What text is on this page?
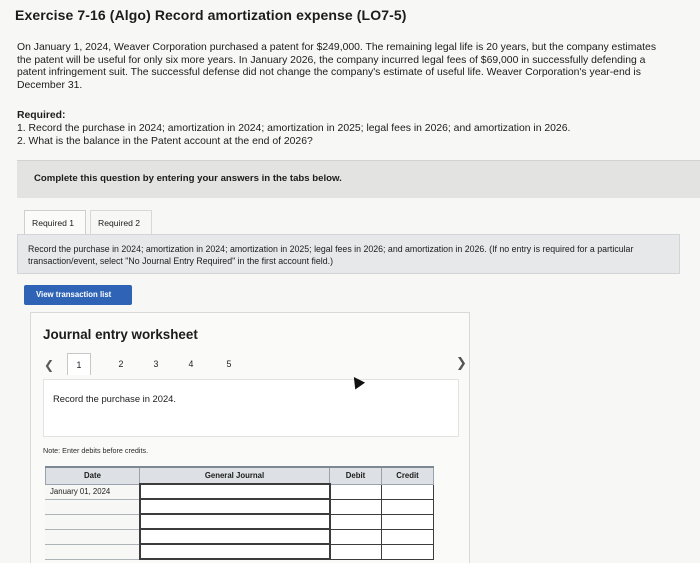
Exercise 7-16 (Algo) Record amortization expense (LO7-5)
On January 1, 2024, Weaver Corporation purchased a patent for $249,000. The remaining legal life is 20 years, but the company estimates the patent will be useful for only six more years. In January 2026, the company incurred legal fees of $69,000 in successfully defending a patent infringement suit. The successful defense did not change the company's estimate of useful life. Weaver Corporation's year-end is December 31.
Required:
1. Record the purchase in 2024; amortization in 2024; amortization in 2025; legal fees in 2026; and amortization in 2026.
2. What is the balance in the Patent account at the end of 2026?
Complete this question by entering your answers in the tabs below.
Required 1	Required 2

Record the purchase in 2024; amortization in 2024; amortization in 2025; legal fees in 2026; and amortization in 2026. (If no entry is required for a particular transaction/event, select "No Journal Entry Required" in the first account field.)

View transaction list
Journal entry worksheet
❮	1	2	3	4	5

Record the purchase in 2024.

Note: Enter debits before credits.
Date	General Journal	Debit	Credit
January 01, 2024			

❯
